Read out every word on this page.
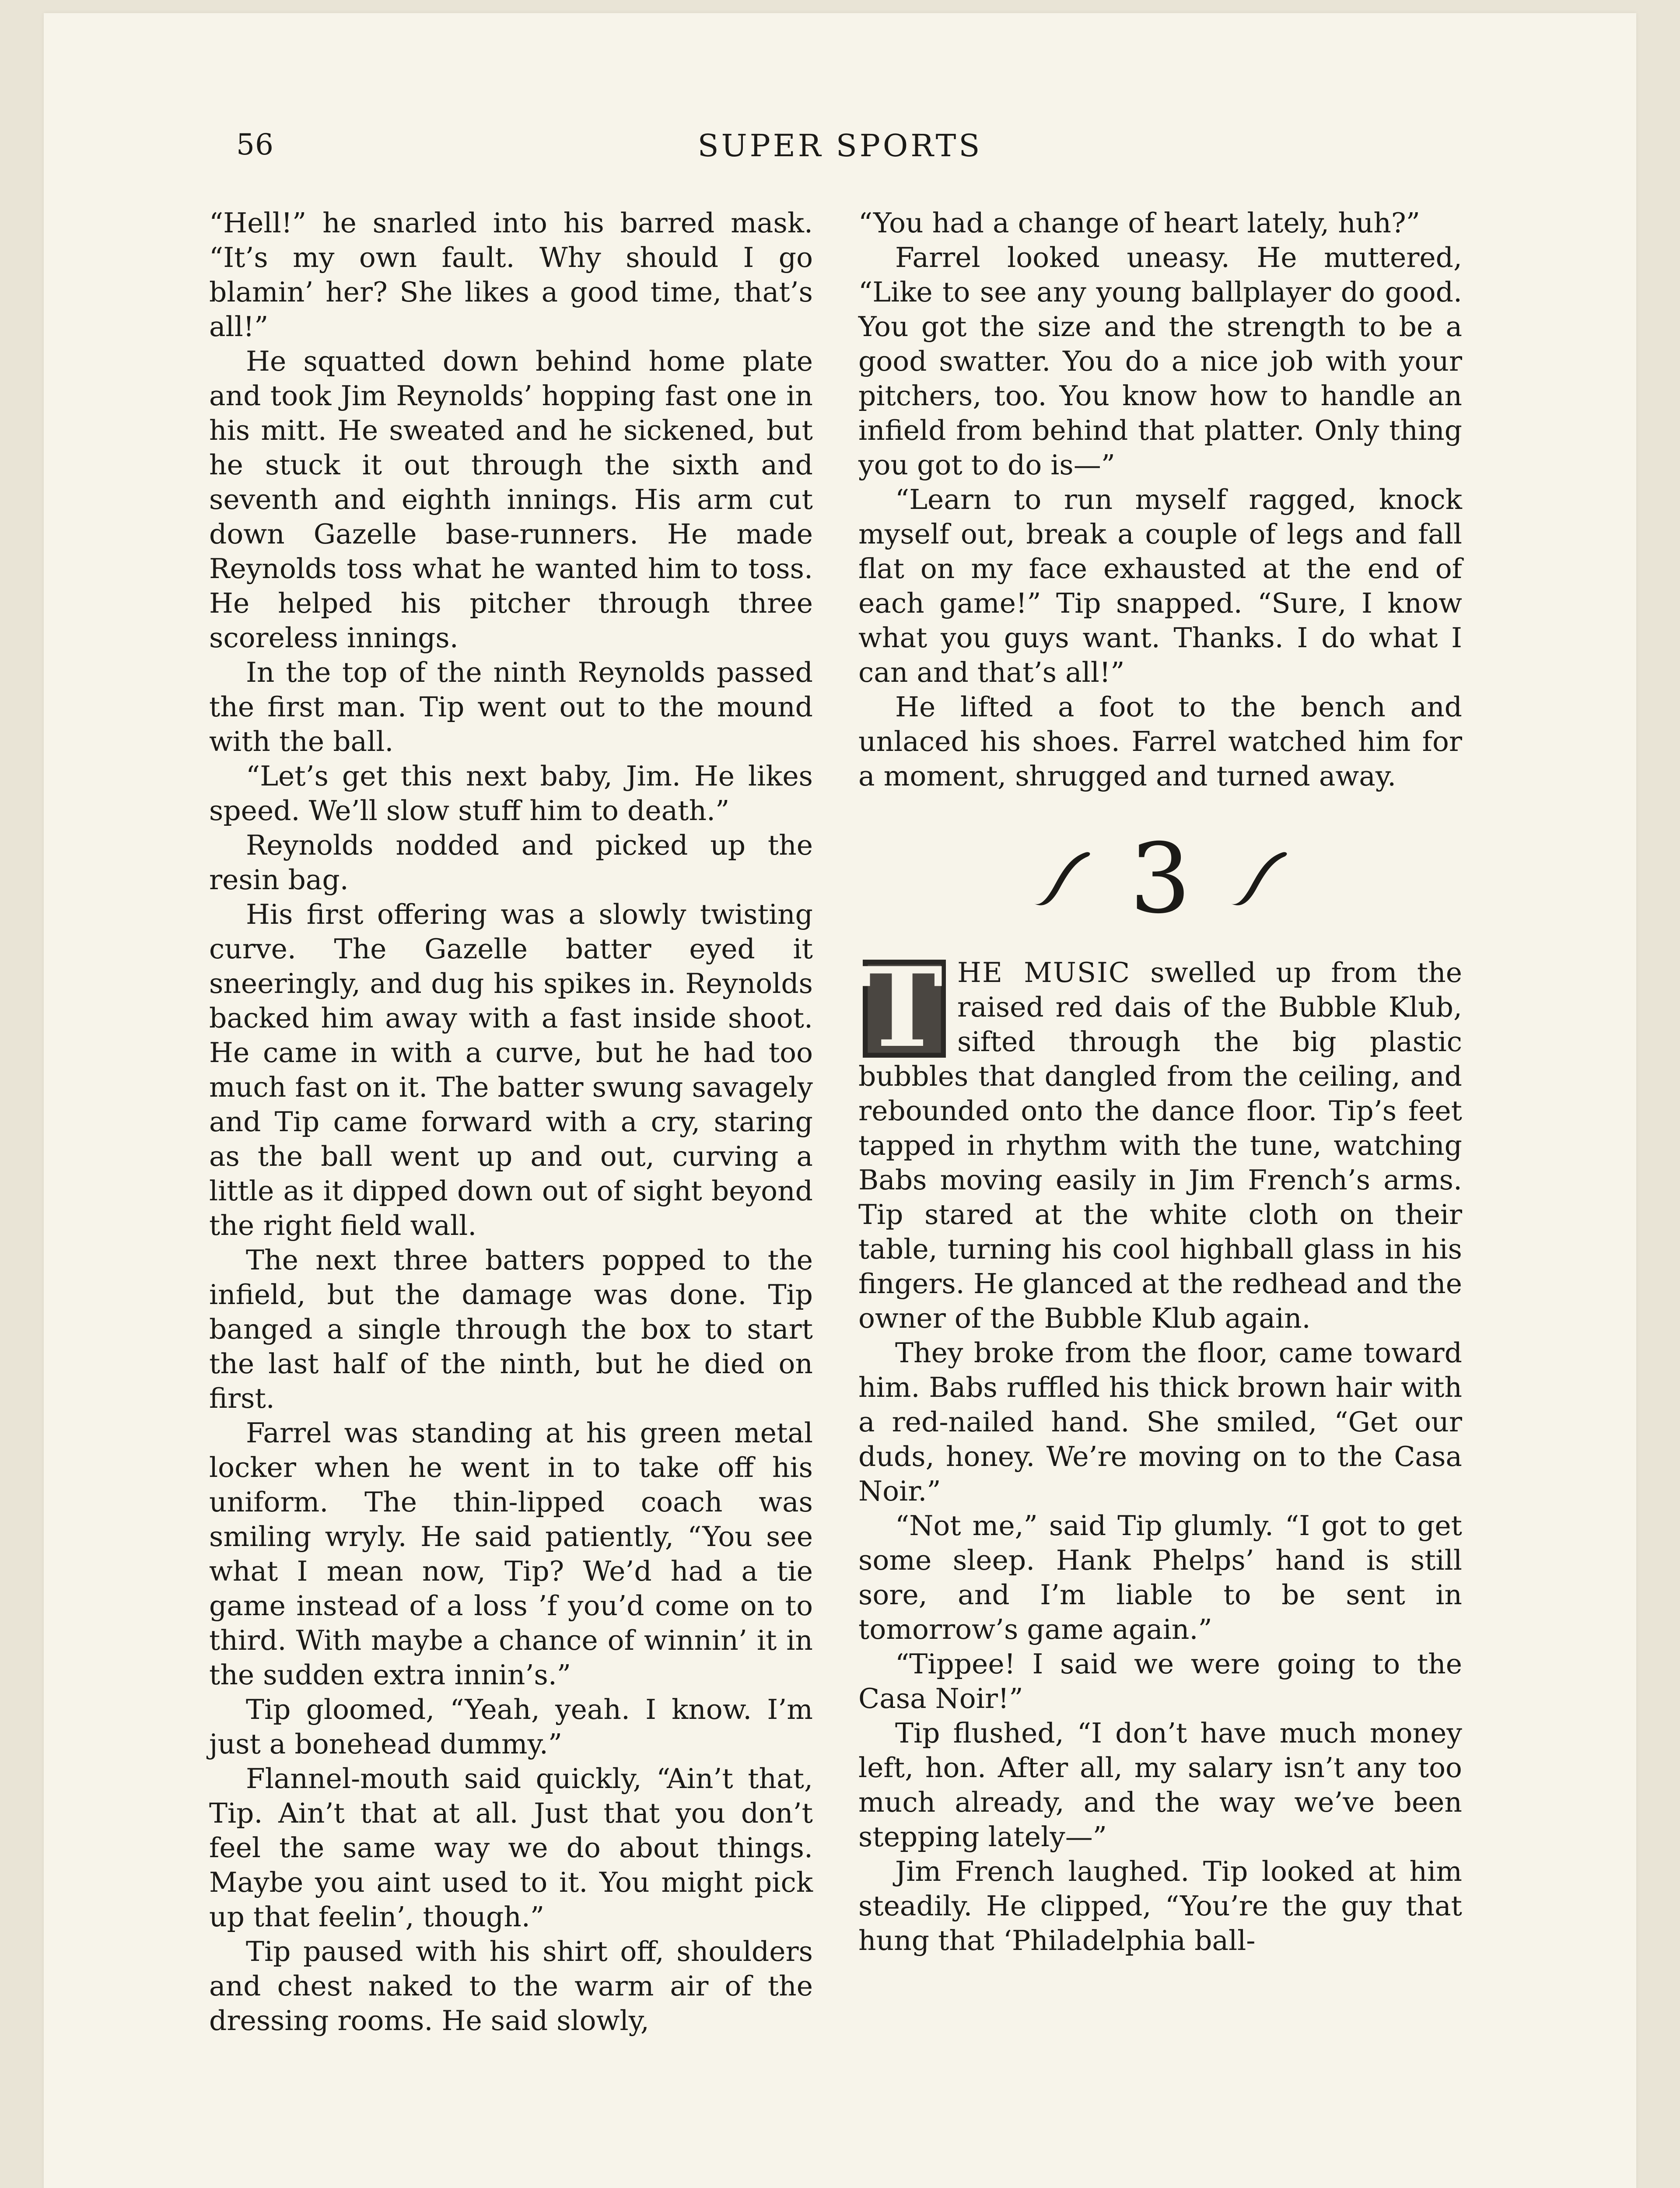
56	SUPER SPORTS

“Hell!” he snarled into his barred mask. “It’s my own fault. Why should I go blamin’ her? She likes a good time, that’s all!”

He squatted down behind home plate and took Jim Reynolds’ hopping fast one in his mitt. He sweated and he sickened, but he stuck it out through the sixth and seventh and eighth innings. His arm cut down Gazelle base-runners. He made Reynolds toss what he wanted him to toss. He helped his pitcher through three scoreless innings.

In the top of the ninth Reynolds passed the first man. Tip went out to the mound with the ball.

“Let’s get this next baby, Jim. He likes speed. We’ll slow stuff him to death.”

Reynolds nodded and picked up the resin bag.

His first offering was a slowly twisting curve. The Gazelle batter eyed it sneeringly, and dug his spikes in. Reynolds backed him away with a fast inside shoot. He came in with a curve, but he had too much fast on it. The batter swung savagely and Tip came forward with a cry, staring as the ball went up and out, curving a little as it dipped down out of sight beyond the right field wall.

The next three batters popped to the infield, but the damage was done. Tip banged a single through the box to start the last half of the ninth, but he died on first.

Farrel was standing at his green metal locker when he went in to take off his uniform. The thin-lipped coach was smiling wryly. He said patiently, “You see what I mean now, Tip? We’d had a tie game instead of a loss ’f you’d come on to third. With maybe a chance of winnin’ it in the sudden extra innin’s.”

Tip gloomed, “Yeah, yeah. I know. I’m just a bonehead dummy.”

Flannel-mouth said quickly, “Ain’t that, Tip. Ain’t that at all. Just that you don’t feel the same way we do about things. Maybe you aint used to it. You might pick up that feelin’, though.”

Tip paused with his shirt off, shoulders and chest naked to the warm air of the dressing rooms. He said slowly,

“You had a change of heart lately, huh?”

Farrel looked uneasy. He muttered, “Like to see any young ballplayer do good. You got the size and the strength to be a good swatter. You do a nice job with your pitchers, too. You know how to handle an infield from behind that platter. Only thing you got to do is—”

“Learn to run myself ragged, knock myself out, break a couple of legs and fall flat on my face exhausted at the end of each game!” Tip snapped. “Sure, I know what you guys want. Thanks. I do what I can and that’s all!”

He lifted a foot to the bench and unlaced his shoes. Farrel watched him for a moment, shrugged and turned away.

3

T HE MUSIC swelled up from the raised red dais of the Bubble Klub, sifted through the big plastic bubbles that dangled from the ceiling, and rebounded onto the dance floor. Tip’s feet tapped in rhythm with the tune, watching Babs moving easily in Jim French’s arms. Tip stared at the white cloth on their table, turning his cool highball glass in his fingers. He glanced at the redhead and the owner of the Bubble Klub again.

They broke from the floor, came toward him. Babs ruffled his thick brown hair with a red-nailed hand. She smiled, “Get our duds, honey. We’re moving on to the Casa Noir.”

“Not me,” said Tip glumly. “I got to get some sleep. Hank Phelps’ hand is still sore, and I’m liable to be sent in tomorrow’s game again.”

“Tippee! I said we were going to the Casa Noir!”

Tip flushed, “I don’t have much money left, hon. After all, my salary isn’t any too much already, and the way we’ve been stepping lately—”

Jim French laughed. Tip looked at him steadily. He clipped, “You’re the guy that hung that ‘Philadelphia ball-
